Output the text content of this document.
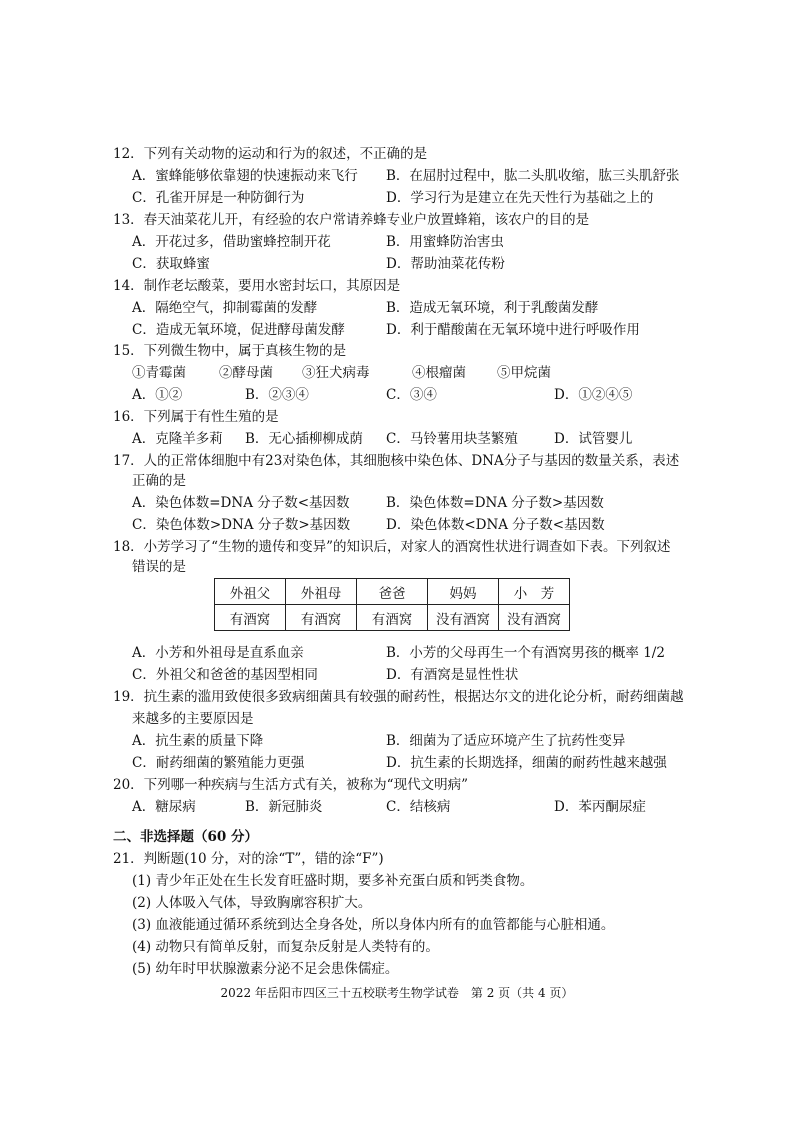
12．下列有关动物的运动和行为的叙述，不正确的是
A．蜜蜂能够依靠翅的快速振动来飞行 B．在屈肘过程中，肱二头肌收缩，肱三头肌舒张
C．孔雀开屏是一种防御行为	D．学习行为是建立在先天性行为基础之上的
13．春天油菜花儿开，有经验的农户常请养蜂专业户放置蜂箱，该农户的目的是
A．开花过多，借助蜜蜂控制开花	B．用蜜蜂防治害虫
C．获取蜂蜜	D．帮助油菜花传粉
14．制作老坛酸菜，要用水密封坛口，其原因是
A．隔绝空气，抑制霉菌的发酵	B．造成无氧环境，利于乳酸菌发酵
C．造成无氧环境，促进酵母菌发酵	D．利于醋酸菌在无氧环境中进行呼吸作用
15．下列微生物中，属于真核生物的是
①青霉菌 ②酵母菌 ③狂犬病毒	④根瘤菌 ⑤甲烷菌
A．①②	B．②③④	C．③④	D．①②④⑤
16．下列属于有性生殖的是
A．克隆羊多莉 B．无心插柳柳成荫 C．马铃薯用块茎繁殖	D．试管婴儿
17．人的正常体细胞中有23对染色体，其细胞核中染色体、DNA分子与基因的数量关系，表述
正确的是
A．染色体数=DNA 分子数<基因数	B．染色体数=DNA 分子数>基因数
C．染色体数>DNA 分子数>基因数	D．染色体数<DNA 分子数<基因数
18．小芳学习了“生物的遗传和变异”的知识后，对家人的酒窝性状进行调查如下表。下列叙述
错误的是
外祖父	外祖母	爸爸	妈妈	小　芳
有酒窝	有酒窝	有酒窝	没有酒窝	没有酒窝
A．小芳和外祖母是直系血亲	B．小芳的父母再生一个有酒窝男孩的概率 1/2
C．外祖父和爸爸的基因型相同	D．有酒窝是显性性状
19．抗生素的滥用致使很多致病细菌具有较强的耐药性，根据达尔文的进化论分析，耐药细菌越
来越多的主要原因是
A．抗生素的质量下降	B．细菌为了适应环境产生了抗药性变异
C．耐药细菌的繁殖能力更强	D．抗生素的长期选择，细菌的耐药性越来越强
20．下列哪一种疾病与生活方式有关，被称为“现代文明病”
A．糖尿病	B．新冠肺炎	C．结核病	D．苯丙酮尿症
二、非选择题（60 分）
21．判断题(10 分，对的涂“T”，错的涂“F”)
(1) 青少年正处在生长发育旺盛时期，要多补充蛋白质和钙类食物。
(2) 人体吸入气体，导致胸廓容积扩大。
(3) 血液能通过循环系统到达全身各处，所以身体内所有的血管都能与心脏相通。
(4) 动物只有简单反射，而复杂反射是人类特有的。
(5) 幼年时甲状腺激素分泌不足会患侏儒症。
2022 年岳阳市四区三十五校联考生物学试卷　第 2 页（共 4 页）
